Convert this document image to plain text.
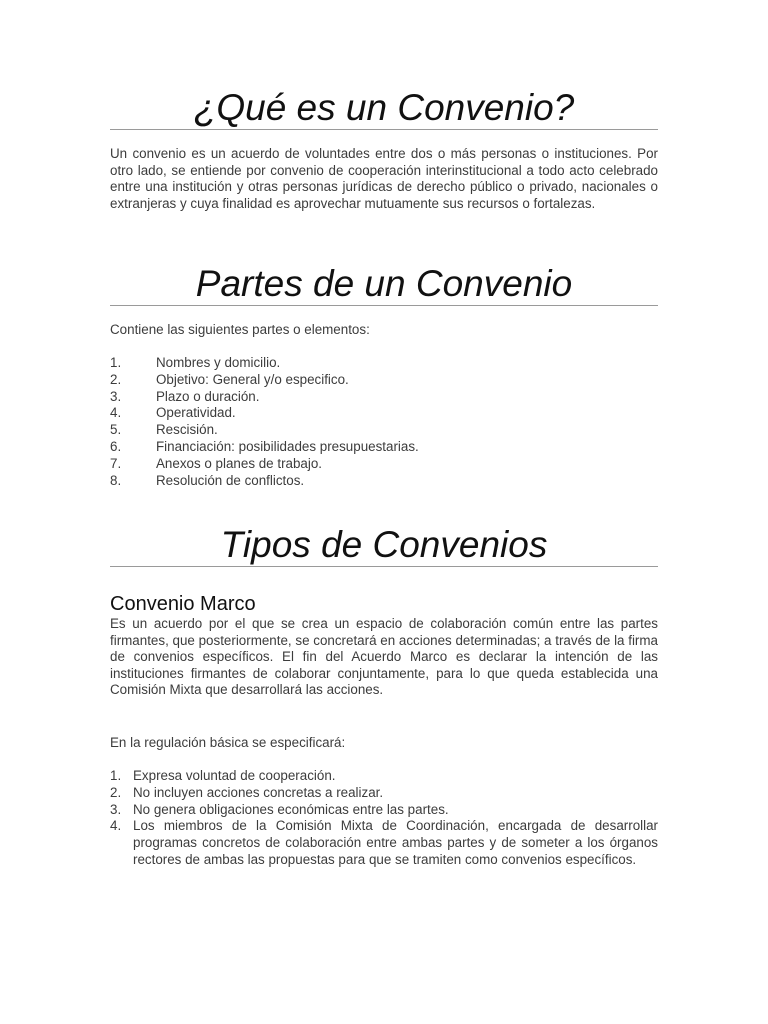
¿Qué es un Convenio?

Un convenio es un acuerdo de voluntades entre dos o más personas o instituciones. Por otro lado, se entiende por convenio de cooperación interinstitucional a todo acto celebrado entre una institución y otras personas jurídicas de derecho público o privado, nacionales o extranjeras y cuya finalidad es aprovechar mutuamente sus recursos o fortalezas.

Partes de un Convenio

Contiene las siguientes partes o elementos:

1.	Nombres y domicilio.
2.	Objetivo: General y/o especifico.
3.	Plazo o duración.
4.	Operatividad.
5.	Rescisión.
6.	Financiación: posibilidades presupuestarias.
7.	Anexos o planes de trabajo.
8.	Resolución de conflictos.
Tipos de Convenios
Convenio Marco

Es un acuerdo por el que se crea un espacio de colaboración común entre las partes firmantes, que posteriormente, se concretará en acciones determinadas; a través de la firma de convenios específicos. El fin del Acuerdo Marco es declarar la intención de las instituciones firmantes de colaborar conjuntamente, para lo que queda establecida una Comisión Mixta que desarrollará las acciones.

En la regulación básica se especificará:

1. Expresa voluntad de cooperación.
2. No incluyen acciones concretas a realizar.
3. No genera obligaciones económicas entre las partes.
4. Los miembros de la Comisión Mixta de Coordinación, encargada de desarrollar programas concretos de colaboración entre ambas partes y de someter a los órganos rectores de ambas las propuestas para que se tramiten como convenios específicos.
